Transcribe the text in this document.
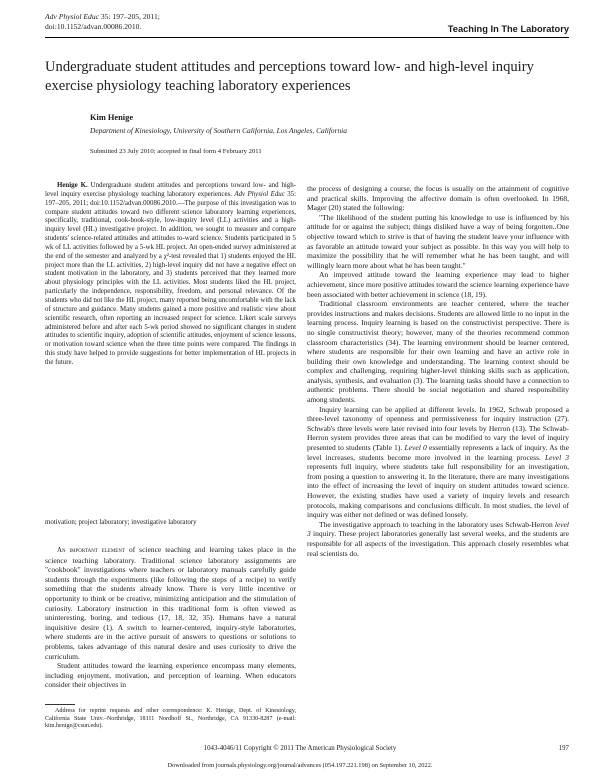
Adv Physiol Educ 35: 197–205, 2011;
doi:10.1152/advan.00086.2010.	Teaching In The Laboratory
Undergraduate student attitudes and perceptions toward low- and high-level inquiry exercise physiology teaching laboratory experiences
Kim Henige
Department of Kinesiology, University of Southern California, Los Angeles, California
Submitted 23 July 2010; accepted in final form 4 February 2011

Henige K. Undergraduate student attitudes and perceptions toward low- and high-level inquiry exercise physiology teaching laboratory experiences. Adv Physiol Educ 35: 197–205, 2011; doi:10.1152/advan.00086.2010.—The purpose of this investigation was to compare student attitudes toward two different science laboratory learning experiences, specifically, traditional, cook-book-style, low-inquiry level (LL) activities and a high-inquiry level (HL) investigative project. In addition, we sought to measure and compare students' science-related attitudes and attitudes to-ward science. Students participated in 5 wk of LL activities followed by a 5-wk HL project. An open-ended survey administered at the end of the semester and analyzed by a χ²-test revealed that 1) students enjoyed the HL project more than the LL activities, 2) high-level inquiry did not have a negative effect on student motivation in the laboratory, and 3) students perceived that they learned more about physiology principles with the LL activities. Most students liked the HL project, particularly the independence, responsibility, freedom, and personal relevance. Of the students who did not like the HL project, many reported being uncomfortable with the lack of structure and guidance. Many students gained a more positive and realistic view about scientific research, often reporting an increased respect for science. Likert scale surveys administered before and after each 5-wk period showed no significant changes in student attitudes to scientific inquiry, adoption of scientific attitudes, enjoyment of science lessons, or motivation toward science when the three time points were compared. The findings in this study have helped to provide suggestions for better implementation of HL projects in the future.

motivation; project laboratory; investigative laboratory

An important element of science teaching and learning takes place in the science teaching laboratory. Traditional science laboratory assignments are "cookbook" investigations where teachers or laboratory manuals carefully guide students through the experiments (like following the steps of a recipe) to verify something that the students already know. There is very little incentive or opportunity to think or be creative, minimizing anticipation and the stimulation of curiosity. Laboratory instruction in this traditional form is often viewed as uninteresting, boring, and tedious (17, 18, 32, 35). Humans have a natural inquisitive desire (1). A switch to learner-centered, inquiry-style laboratories, where students are in the active pursuit of answers to questions or solutions to problems, takes advantage of this natural desire and uses curiosity to drive the curriculum.

Student attitudes toward the learning experience encompass many elements, including enjoyment, motivation, and perception of learning. When educators consider their objectives in

the process of designing a course, the focus is usually on the attainment of cognitive and practical skills. Improving the affective domain is often overlooked. In 1968, Mager (20) stated the following:

"The likelihood of the student putting his knowledge to use is influenced by his attitude for or against the subject; things disliked have a way of being forgotten..One objective toward which to strive is that of having the student leave your influence with as favorable an attitude toward your subject as possible. In this way you will help to maximize the possibility that he will remember what he has been taught, and will willingly learn more about what he has been taught."

An improved attitude toward the learning experience may lead to higher achievement, since more positive attitudes toward the science learning experience have been associated with better achievement in science (18, 19).

Traditional classroom environments are teacher centered, where the teacher provides instructions and makes decisions. Students are allowed little to no input in the learning process. Inquiry learning is based on the constructivist perspective. There is no single constructivist theory; however, many of the theories recommend common classroom characteristics (34). The learning environment should be learner centered, where students are responsible for their own learning and have an active role in building their own knowledge and understanding. The learning context should be complex and challenging, requiring higher-level thinking skills such as application, analysis, synthesis, and evaluation (3). The learning tasks should have a connection to authentic problems. There should be social negotiation and shared responsibility among students.

Inquiry learning can be applied at different levels. In 1962, Schwab proposed a three-level taxonomy of openness and permissiveness for inquiry instruction (27). Schwab's three levels were later revised into four levels by Herron (13). The Schwab-Herron system provides three areas that can be modified to vary the level of inquiry presented to students (Table 1). Level 0 essentially represents a lack of inquiry. As the level increases, students become more involved in the learning process. Level 3 represents full inquiry, where students take full responsibility for an investigation, from posing a question to answering it. In the literature, there are many investigations into the effect of increasing the level of inquiry on student attitudes toward science. However, the existing studies have used a variety of inquiry levels and research protocols, making comparisons and conclusions difficult. In most studies, the level of inquiry was either not defined or was defined loosely.

The investigative approach to teaching in the laboratory uses Schwab-Herron level 3 inquiry. These project laboratories generally last several weeks, and the students are responsible for all aspects of the investigation. This approach closely resembles what real scientists do.

Address for reprint requests and other correspondence: K. Henige, Dept. of Kinesiology, California State Univ.–Northridge, 18111 Nordhoff St., Northridge, CA 91330-8287 (e-mail: kim.henige@csun.edu).

1043-4046/11 Copyright © 2011 The American Physiological Society	197
Downloaded from journals.physiology.org/journal/advances (054.197.221.198) on September 10, 2022.
